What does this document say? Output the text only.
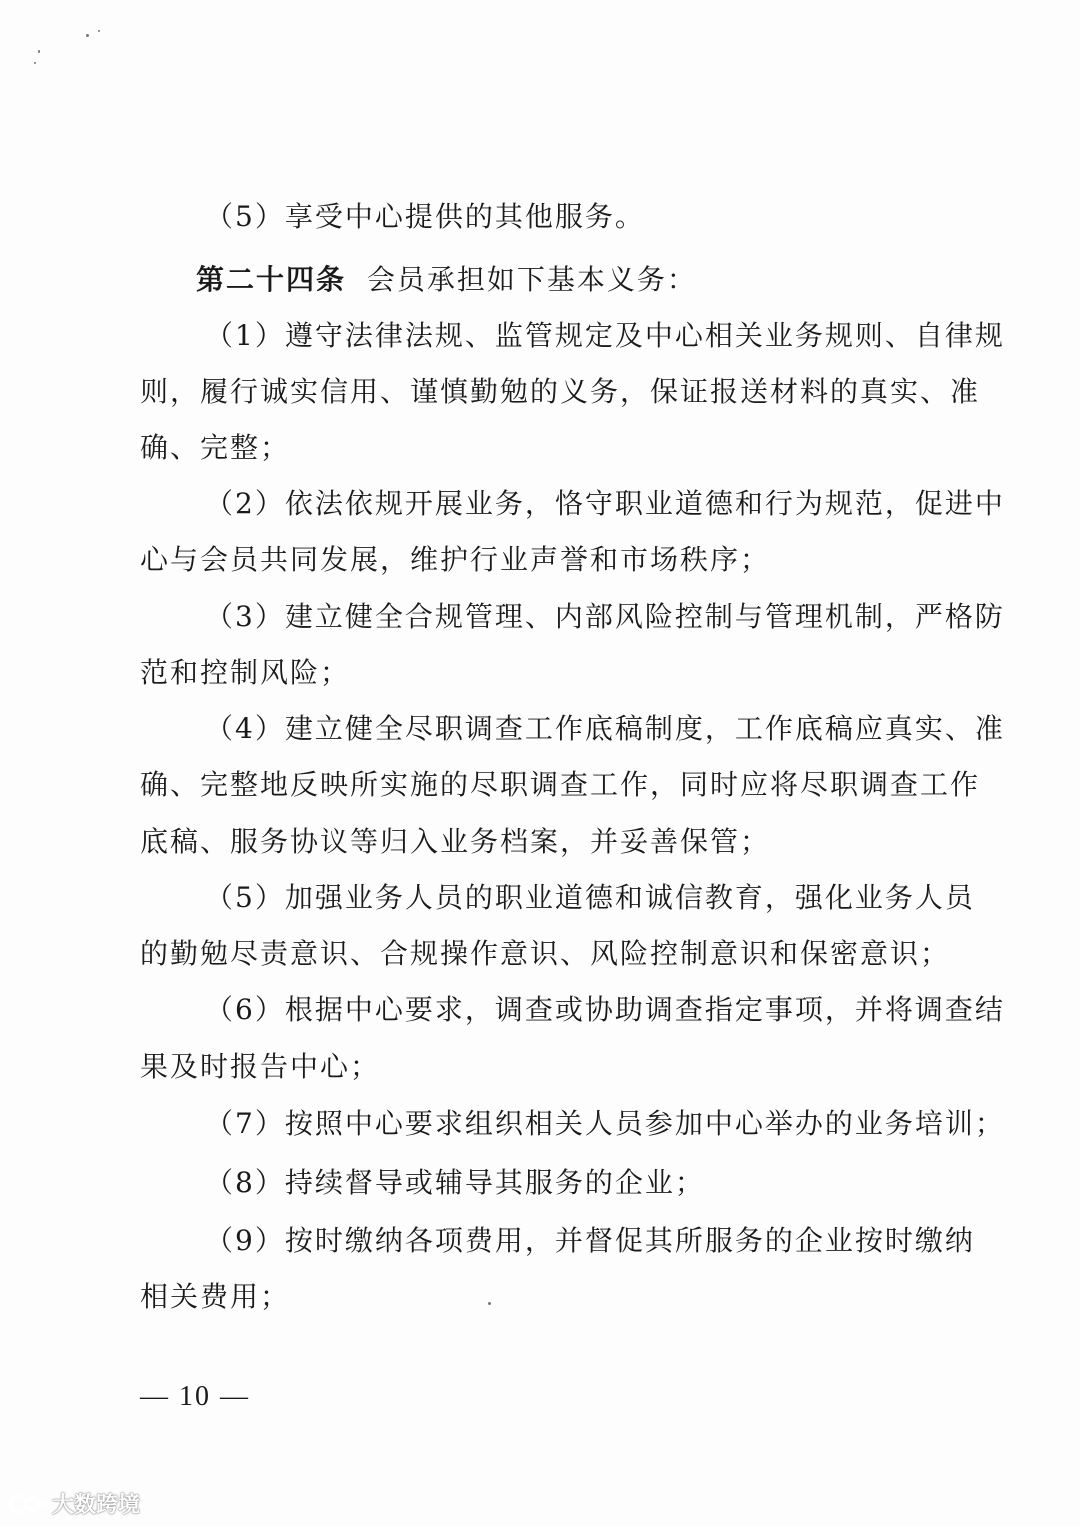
（5）享受中心提供的其他服务。
第二十四条 会员承担如下基本义务：
（1）遵守法律法规、监管规定及中心相关业务规则、自律规
则，履行诚实信用、谨慎勤勉的义务，保证报送材料的真实、准
确、完整；
（2）依法依规开展业务，恪守职业道德和行为规范，促进中
心与会员共同发展，维护行业声誉和市场秩序；
（3）建立健全合规管理、内部风险控制与管理机制，严格防
范和控制风险；
（4）建立健全尽职调查工作底稿制度，工作底稿应真实、准
确、完整地反映所实施的尽职调查工作，同时应将尽职调查工作
底稿、服务协议等归入业务档案，并妥善保管；
（5）加强业务人员的职业道德和诚信教育，强化业务人员
的勤勉尽责意识、合规操作意识、风险控制意识和保密意识；
（6）根据中心要求，调查或协助调查指定事项，并将调查结
果及时报告中心；
（7）按照中心要求组织相关人员参加中心举办的业务培训；
（8）持续督导或辅导其服务的企业；
（9）按时缴纳各项费用，并督促其所服务的企业按时缴纳
相关费用；
— 10 —
大数跨境
